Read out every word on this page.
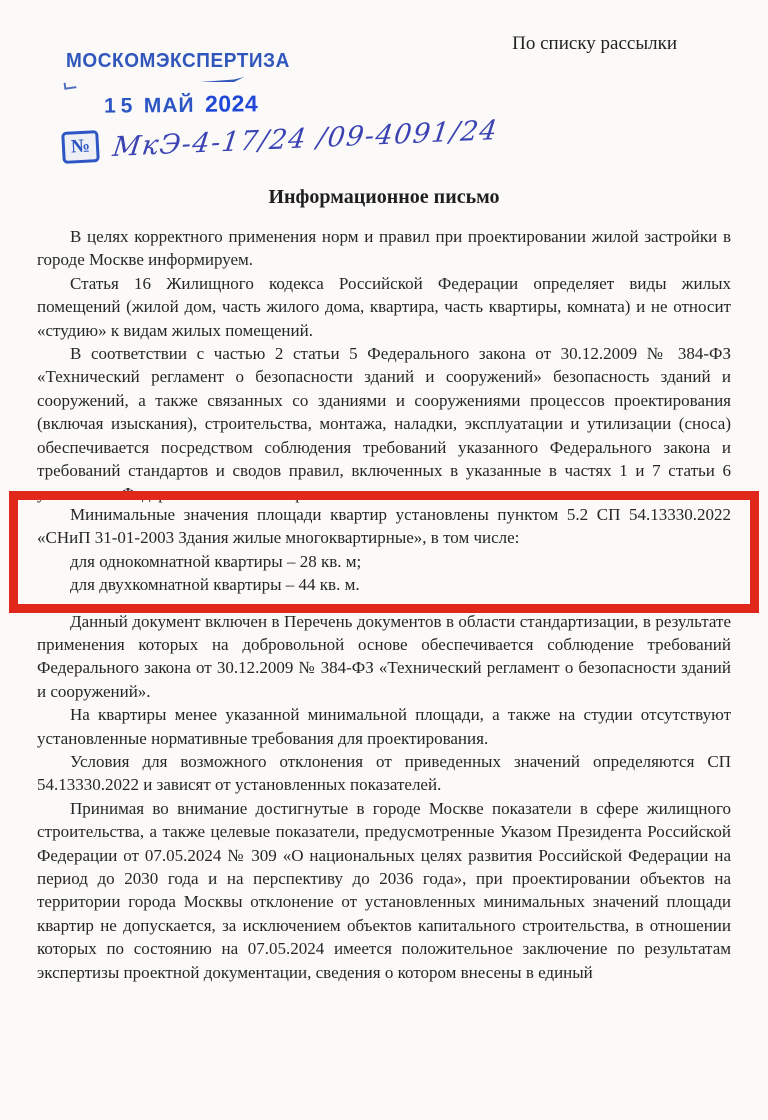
По списку рассылки
МОСКОМЭКСПЕРТИЗА
15 МАЙ 2024
№ МкЭ-4-17/24 /09-4091/24
Информационное письмо

В целях корректного применения норм и правил при проектировании жилой застройки в городе Москве информируем.

Статья 16 Жилищного кодекса Российской Федерации определяет виды жилых помещений (жилой дом, часть жилого дома, квартира, часть квартиры, комната) и не относит «студию» к видам жилых помещений.

В соответствии с частью 2 статьи 5 Федерального закона от 30.12.2009 № 384-ФЗ «Технический регламент о безопасности зданий и сооружений» безопасность зданий и сооружений, а также связанных со зданиями и сооружениями процессов проектирования (включая изыскания), строительства, монтажа, наладки, эксплуатации и утилизации (сноса) обеспечивается посредством соблюдения требований указанного Федерального закона и требований стандартов и сводов правил, включенных в указанные в частях 1 и 7 статьи 6 указанного Федерального закона перечни.

Минимальные значения площади квартир установлены пунктом 5.2 СП 54.13330.2022 «СНиП 31-01-2003 Здания жилые многоквартирные», в том числе:

для однокомнатной квартиры – 28 кв. м;

для двухкомнатной квартиры – 44 кв. м.

Данный документ включен в Перечень документов в области стандартизации, в результате применения которых на добровольной основе обеспечивается соблюдение требований Федерального закона от 30.12.2009 № 384-ФЗ «Технический регламент о безопасности зданий и сооружений».

На квартиры менее указанной минимальной площади, а также на студии отсутствуют установленные нормативные требования для проектирования.

Условия для возможного отклонения от приведенных значений определяются СП 54.13330.2022 и зависят от установленных показателей.

Принимая во внимание достигнутые в городе Москве показатели в сфере жилищного строительства, а также целевые показатели, предусмотренные Указом Президента Российской Федерации от 07.05.2024 № 309 «О национальных целях развития Российской Федерации на период до 2030 года и на перспективу до 2036 года», при проектировании объектов на территории города Москвы отклонение от установленных минимальных значений площади квартир не допускается, за исключением объектов капитального строительства, в отношении которых по состоянию на 07.05.2024 имеется положительное заключение по результатам экспертизы проектной документации, сведения о котором внесены в единый
